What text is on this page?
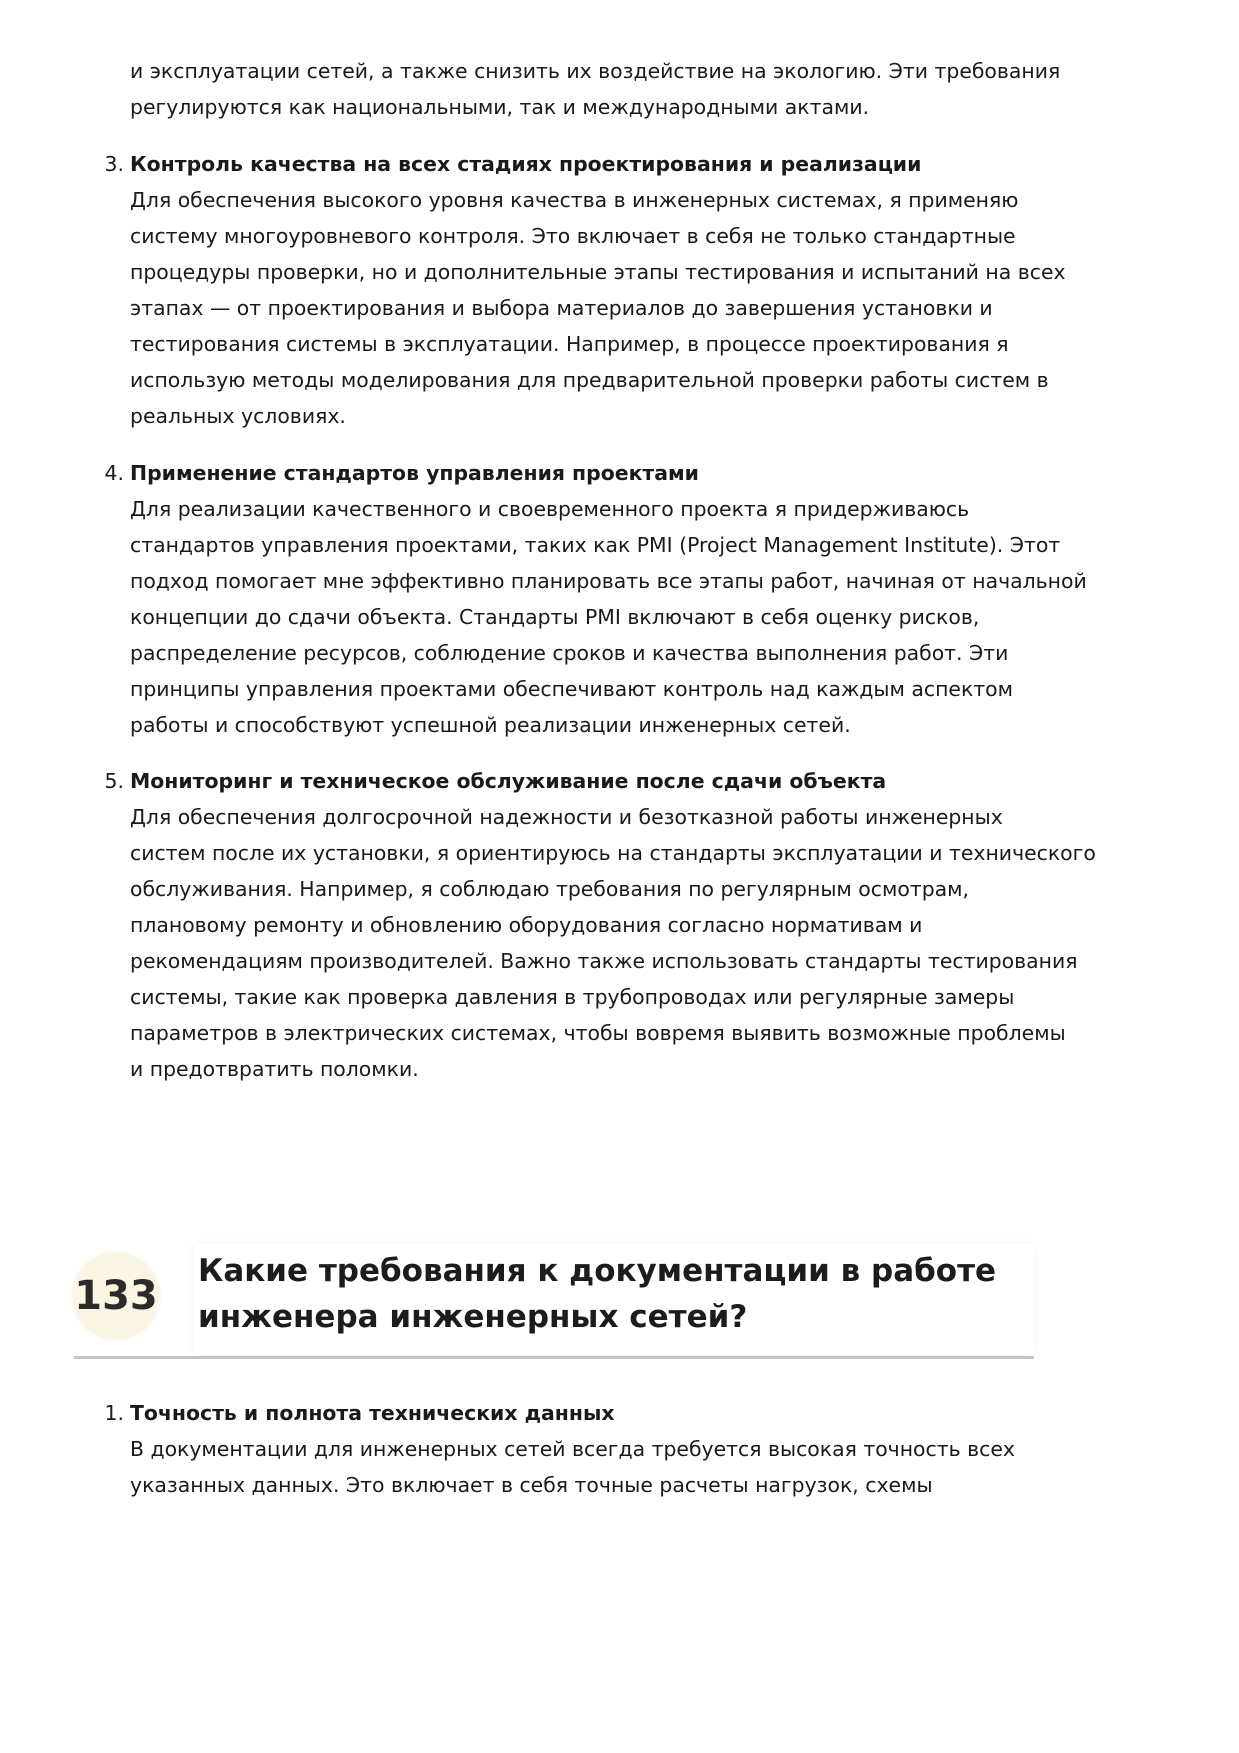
и эксплуатации сетей, а также снизить их воздействие на экологию. Эти требования
регулируются как национальными, так и международными актами.

3. Контроль качества на всех стадиях проектирования и реализации

Для обеспечения высокого уровня качества в инженерных системах, я применяю
систему многоуровневого контроля. Это включает в себя не только стандартные
процедуры проверки, но и дополнительные этапы тестирования и испытаний на всех
этапах — от проектирования и выбора материалов до завершения установки и
тестирования системы в эксплуатации. Например, в процессе проектирования я
использую методы моделирования для предварительной проверки работы систем в
реальных условиях.

4. Применение стандартов управления проектами

Для реализации качественного и своевременного проекта я придерживаюсь
стандартов управления проектами, таких как PMI (Project Management Institute). Этот
подход помогает мне эффективно планировать все этапы работ, начиная от начальной
концепции до сдачи объекта. Стандарты PMI включают в себя оценку рисков,
распределение ресурсов, соблюдение сроков и качества выполнения работ. Эти
принципы управления проектами обеспечивают контроль над каждым аспектом
работы и способствуют успешной реализации инженерных сетей.

5. Мониторинг и техническое обслуживание после сдачи объекта

Для обеспечения долгосрочной надежности и безотказной работы инженерных
систем после их установки, я ориентируюсь на стандарты эксплуатации и технического
обслуживания. Например, я соблюдаю требования по регулярным осмотрам,
плановому ремонту и обновлению оборудования согласно нормативам и
рекомендациям производителей. Важно также использовать стандарты тестирования
системы, такие как проверка давления в трубопроводах или регулярные замеры
параметров в электрических системах, чтобы вовремя выявить возможные проблемы
и предотвратить поломки.

133
Какие требования к документации в работе
инженера инженерных сетей?
1. Точность и полнота технических данных

В документации для инженерных сетей всегда требуется высокая точность всех
указанных данных. Это включает в себя точные расчеты нагрузок, схемы
